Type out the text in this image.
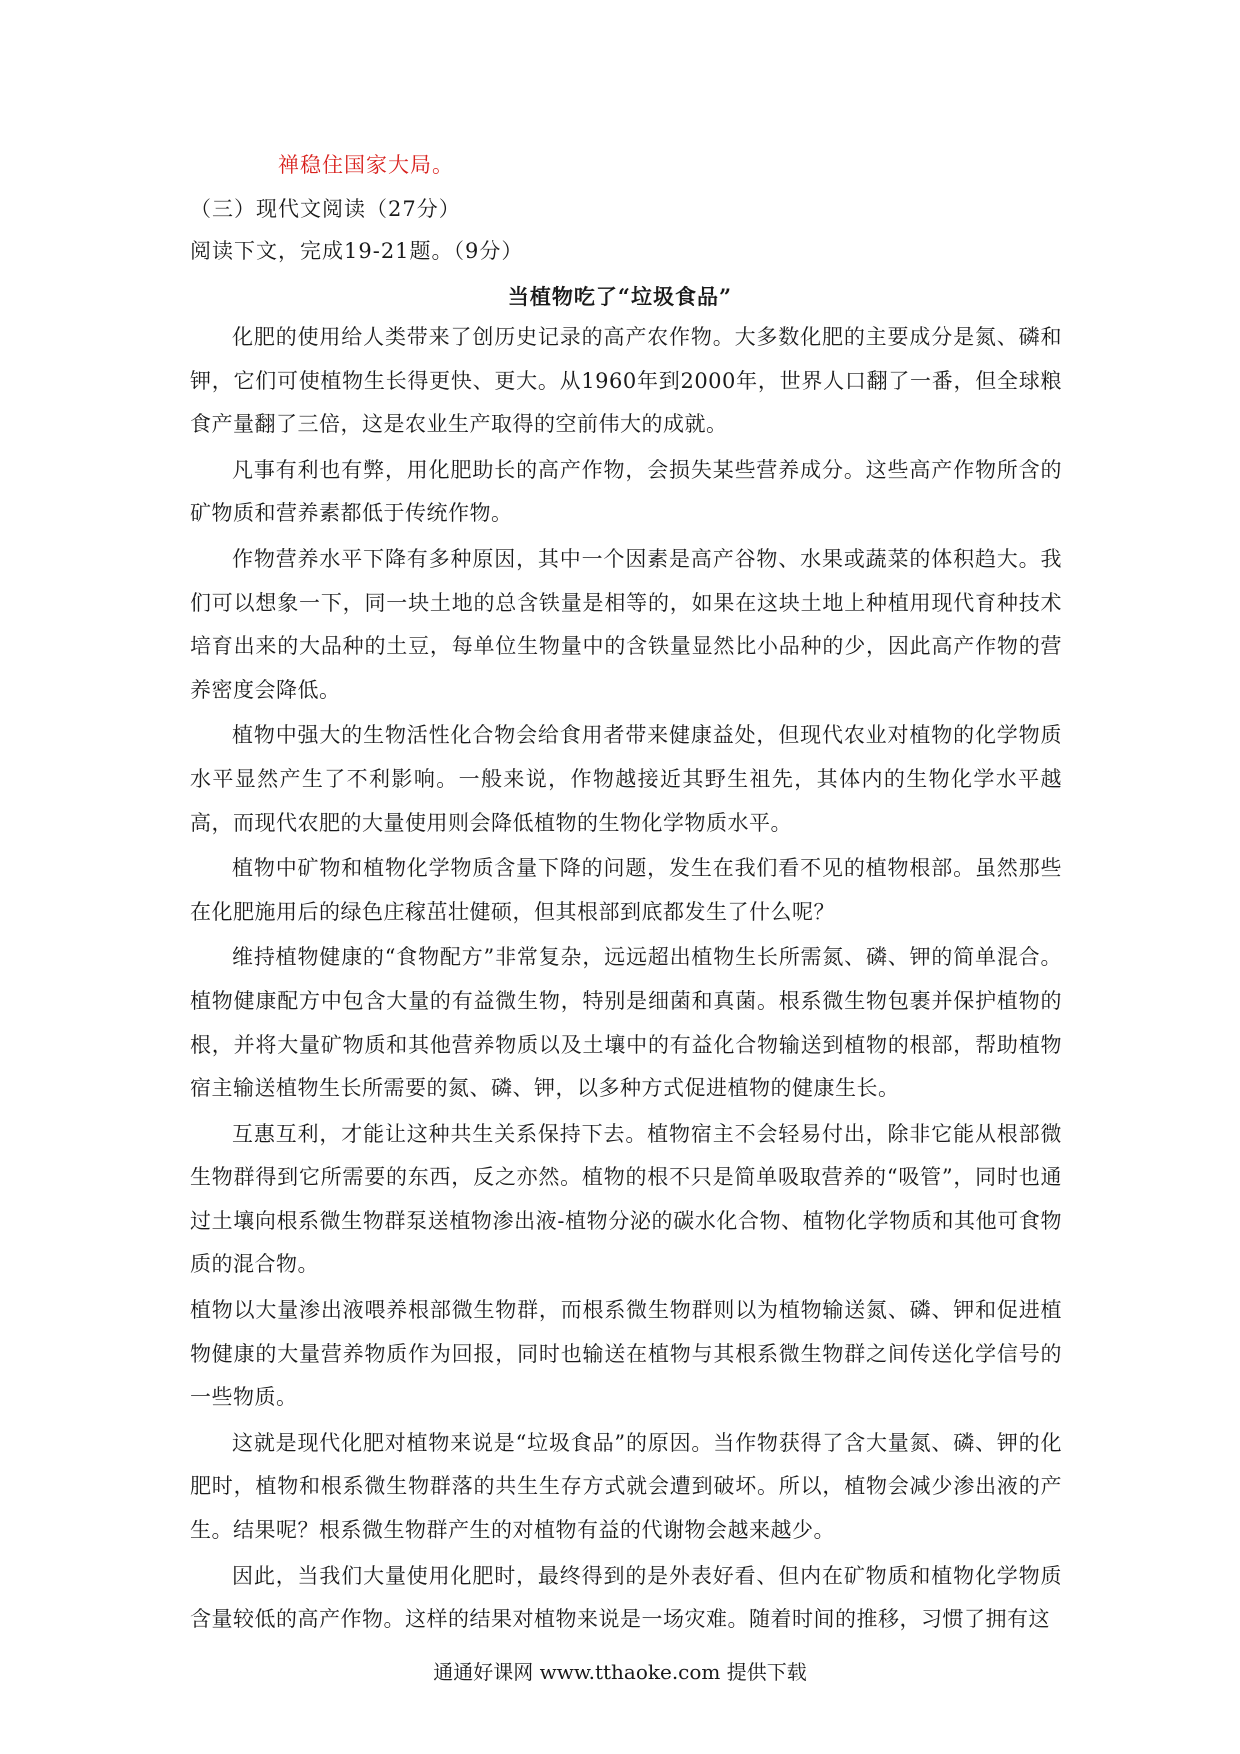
禅稳住国家大局。
（三）现代文阅读（27分）
阅读下文，完成19-21题。（9分）
当植物吃了“垃圾食品”

化肥的使用给人类带来了创历史记录的高产农作物。大多数化肥的主要成分是氮、磷和钾，它们可使植物生长得更快、更大。从1960年到2000年，世界人口翻了一番，但全球粮食产量翻了三倍，这是农业生产取得的空前伟大的成就。

凡事有利也有弊，用化肥助长的高产作物，会损失某些营养成分。这些高产作物所含的矿物质和营养素都低于传统作物。

作物营养水平下降有多种原因，其中一个因素是高产谷物、水果或蔬菜的体积趋大。我们可以想象一下，同一块土地的总含铁量是相等的，如果在这块土地上种植用现代育种技术培育出来的大品种的土豆，每单位生物量中的含铁量显然比小品种的少，因此高产作物的营养密度会降低。

植物中强大的生物活性化合物会给食用者带来健康益处，但现代农业对植物的化学物质水平显然产生了不利影响。一般来说，作物越接近其野生祖先，其体内的生物化学水平越高，而现代农肥的大量使用则会降低植物的生物化学物质水平。

植物中矿物和植物化学物质含量下降的问题，发生在我们看不见的植物根部。虽然那些在化肥施用后的绿色庄稼茁壮健硕，但其根部到底都发生了什么呢？

维持植物健康的“食物配方”非常复杂，远远超出植物生长所需氮、磷、钾的简单混合。植物健康配方中包含大量的有益微生物，特别是细菌和真菌。根系微生物包裹并保护植物的根，并将大量矿物质和其他营养物质以及土壤中的有益化合物输送到植物的根部，帮助植物宿主输送植物生长所需要的氮、磷、钾，以多种方式促进植物的健康生长。

互惠互利，才能让这种共生关系保持下去。植物宿主不会轻易付出，除非它能从根部微生物群得到它所需要的东西，反之亦然。植物的根不只是简单吸取营养的“吸管”，同时也通过土壤向根系微生物群泵送植物渗出液-植物分泌的碳水化合物、植物化学物质和其他可食物质的混合物。

植物以大量渗出液喂养根部微生物群，而根系微生物群则以为植物输送氮、磷、钾和促进植物健康的大量营养物质作为回报，同时也输送在植物与其根系微生物群之间传送化学信号的一些物质。

这就是现代化肥对植物来说是“垃圾食品”的原因。当作物获得了含大量氮、磷、钾的化肥时，植物和根系微生物群落的共生生存方式就会遭到破坏。所以，植物会减少渗出液的产生。结果呢？根系微生物群产生的对植物有益的代谢物会越来越少。

因此，当我们大量使用化肥时，最终得到的是外表好看、但内在矿物质和植物化学物质含量较低的高产作物。这样的结果对植物来说是一场灾难。随着时间的推移，习惯了拥有这

通通好课网 www.tthaoke.com 提供下载
